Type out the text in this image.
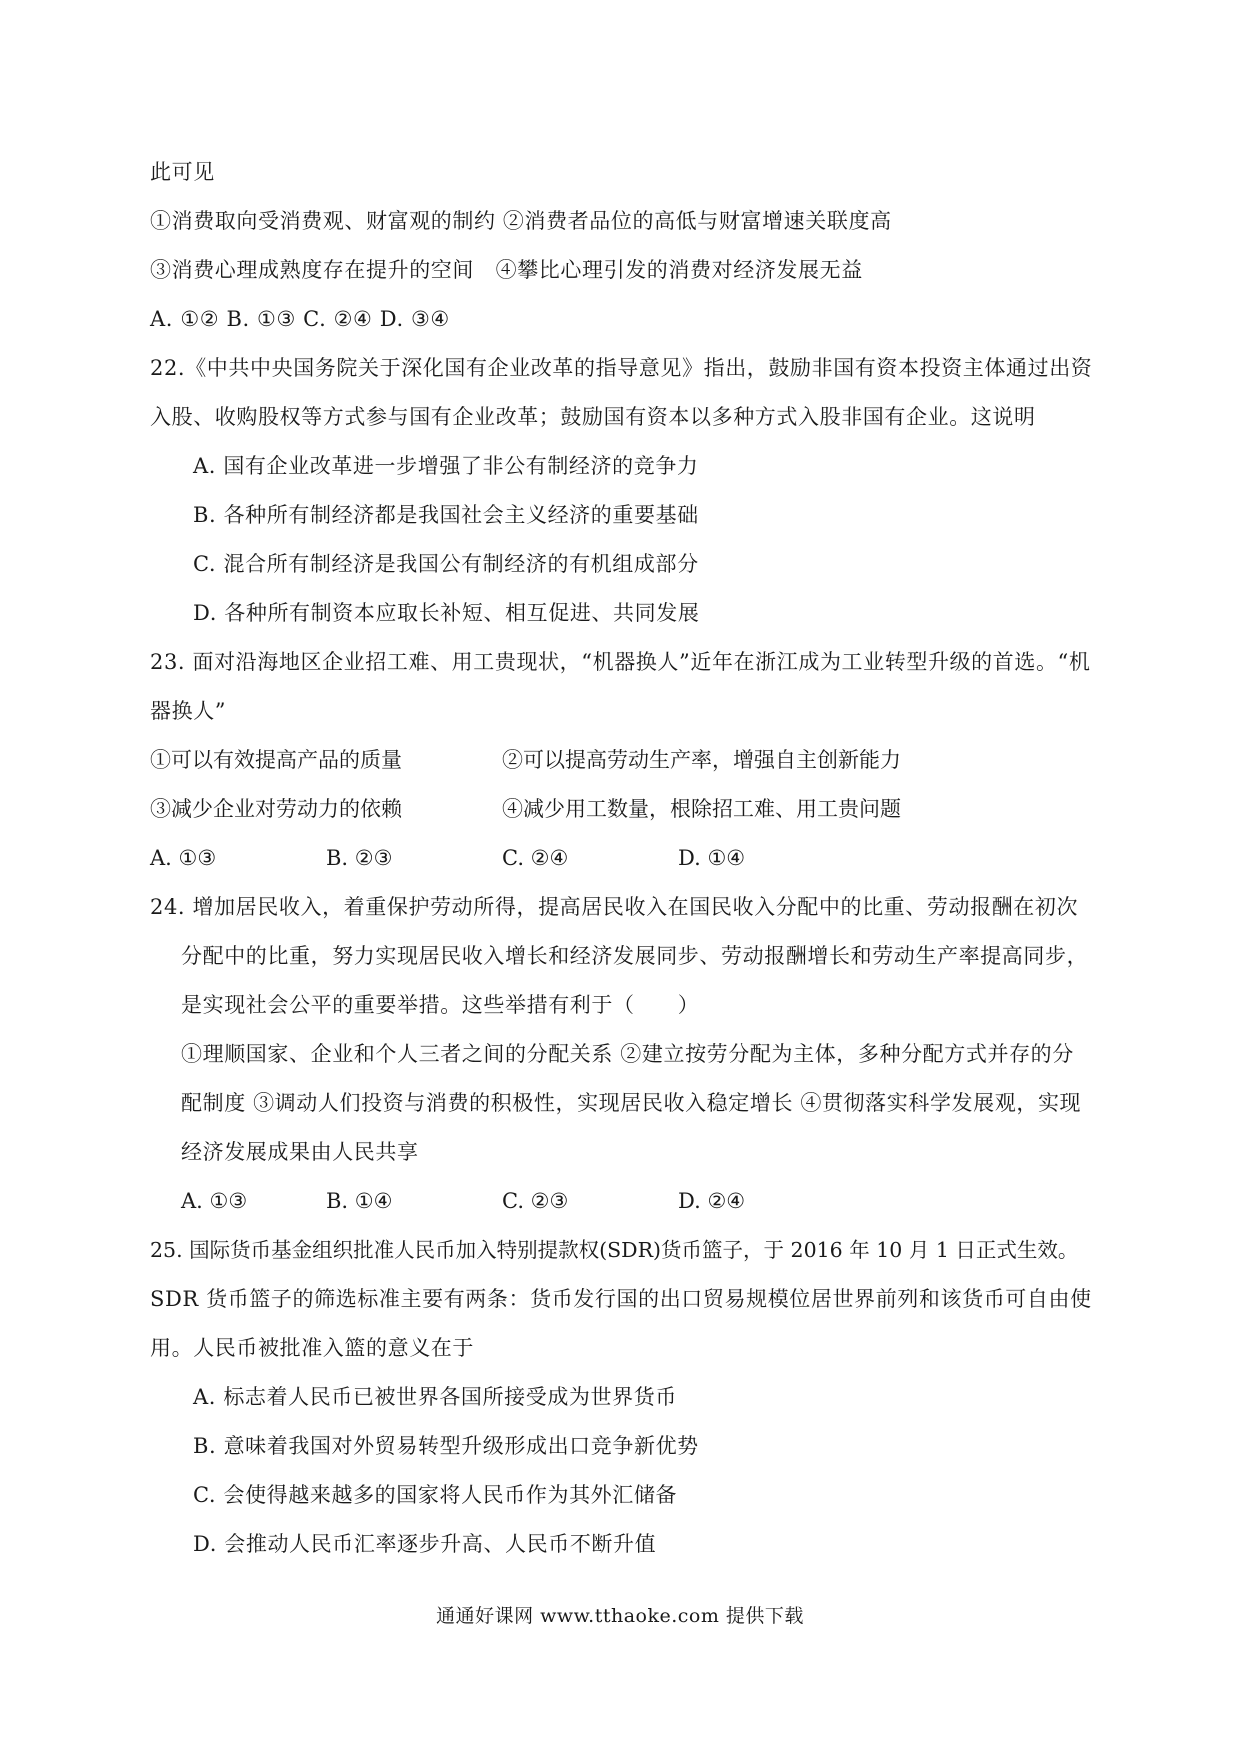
此可见
①消费取向受消费观、财富观的制约 ②消费者品位的高低与财富增速关联度高
③消费心理成熟度存在提升的空间　④攀比心理引发的消费对经济发展无益
A. ①② B. ①③ C. ②④ D. ③④
22.《中共中央国务院关于深化国有企业改革的指导意见》指出，鼓励非国有资本投资主体通过出资
入股、收购股权等方式参与国有企业改革；鼓励国有资本以多种方式入股非国有企业。这说明
A. 国有企业改革进一步增强了非公有制经济的竞争力
B. 各种所有制经济都是我国社会主义经济的重要基础
C. 混合所有制经济是我国公有制经济的有机组成部分
D. 各种所有制资本应取长补短、相互促进、共同发展
23. 面对沿海地区企业招工难、用工贵现状，“机器换人”近年在浙江成为工业转型升级的首选。“机
器换人”
①可以有效提高产品的质量	②可以提高劳动生产率，增强自主创新能力
③减少企业对劳动力的依赖	④减少用工数量，根除招工难、用工贵问题
A. ①③	B. ②③	C. ②④	D. ①④
24. 增加居民收入，着重保护劳动所得，提高居民收入在国民收入分配中的比重、劳动报酬在初次
分配中的比重，努力实现居民收入增长和经济发展同步、劳动报酬增长和劳动生产率提高同步，
是实现社会公平的重要举措。这些举措有利于（　　）
①理顺国家、企业和个人三者之间的分配关系 ②建立按劳分配为主体，多种分配方式并存的分
配制度 ③调动人们投资与消费的积极性，实现居民收入稳定增长 ④贯彻落实科学发展观，实现
经济发展成果由人民共享
A. ①③	B. ①④	C. ②③	D. ②④
25. 国际货币基金组织批准人民币加入特别提款权(SDR)货币篮子，于 2016 年 10 月 1 日正式生效。
SDR 货币篮子的筛选标准主要有两条：货币发行国的出口贸易规模位居世界前列和该货币可自由使
用。人民币被批准入篮的意义在于
A. 标志着人民币已被世界各国所接受成为世界货币
B. 意味着我国对外贸易转型升级形成出口竞争新优势
C. 会使得越来越多的国家将人民币作为其外汇储备
D. 会推动人民币汇率逐步升高、人民币不断升值
通通好课网 www.tthaoke.com 提供下载
